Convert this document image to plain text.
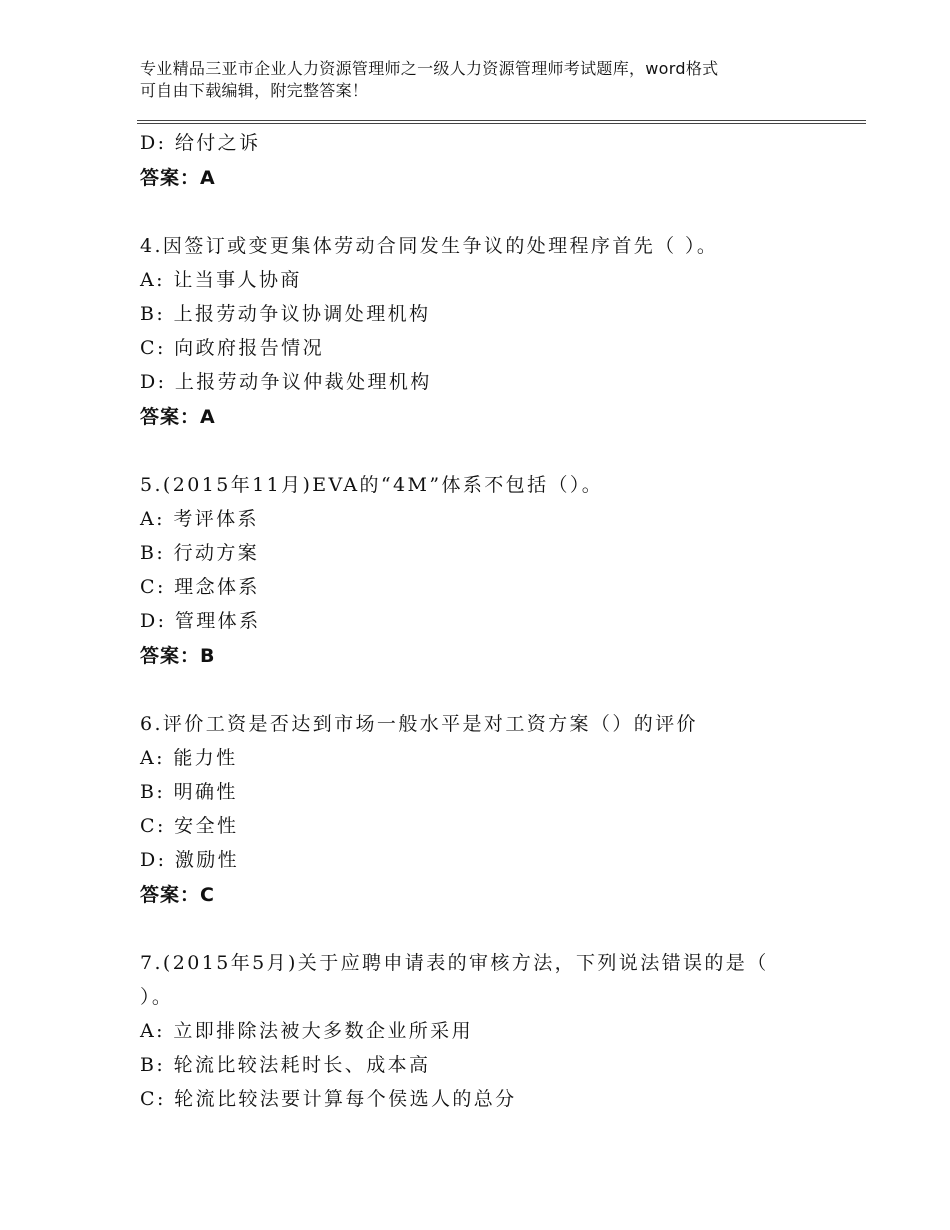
专业精品三亚市企业人力资源管理师之一级人力资源管理师考试题库，word格式
可自由下载编辑，附完整答案！
D: 给付之诉
答案：A
4.因签订或变更集体劳动合同发生争议的处理程序首先（ ）。
A: 让当事人协商
B: 上报劳动争议协调处理机构
C: 向政府报告情况
D: 上报劳动争议仲裁处理机构
答案：A
5.(2015年11月)EVA的“4M”体系不包括（）。
A: 考评体系
B: 行动方案
C: 理念体系
D: 管理体系
答案：B
6.评价工资是否达到市场一般水平是对工资方案（）的评价
A: 能力性
B: 明确性
C: 安全性
D: 激励性
答案：C
7.(2015年5月)关于应聘申请表的审核方法，下列说法错误的是（
）。
A: 立即排除法被大多数企业所采用
B: 轮流比较法耗时长、成本高
C: 轮流比较法要计算每个侯选人的总分
